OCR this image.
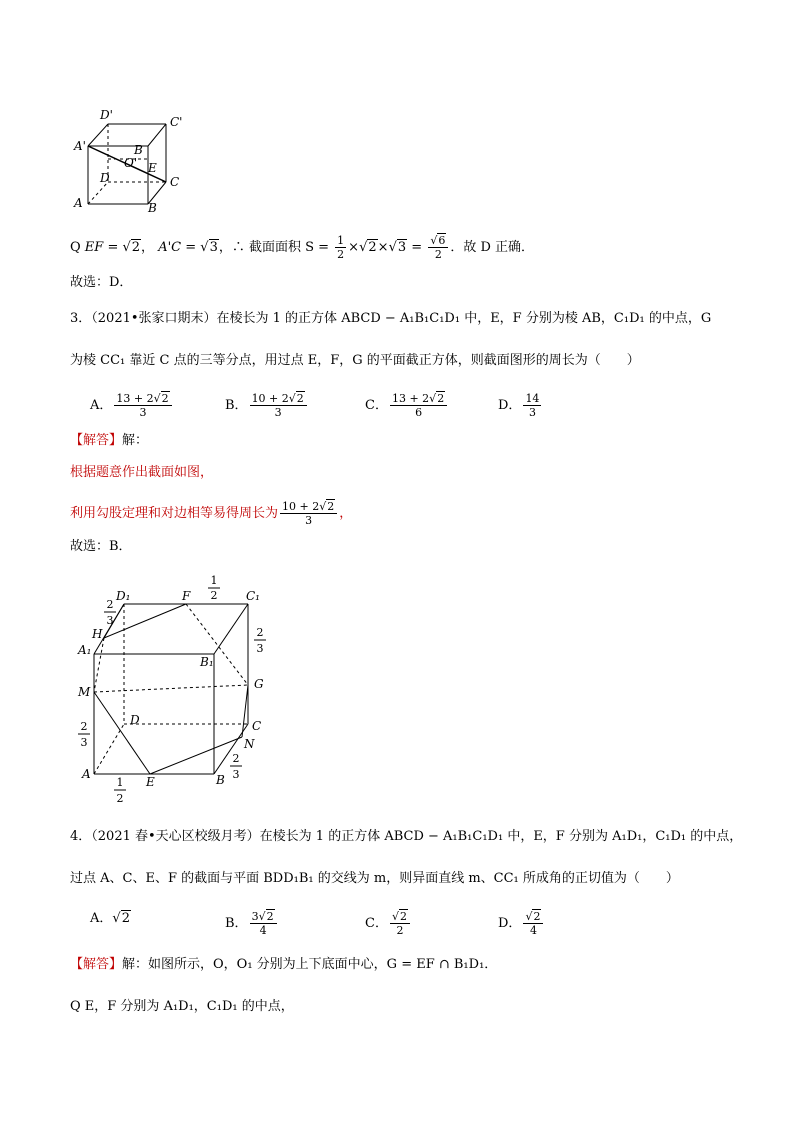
D'	C'
A'	B
O' E
C
D
A	B
Q EF = √2， A'C = √3，∴ 截面面积 $S = \frac{1}{2} \times√2\times√3 = \frac{√6}{2}$ ．故 D 正确．
故选：D．
3．（2021•张家口期末）在棱长为 1 的正方体 ABCD − A₁B₁C₁D₁ 中，E，F 分别为棱 AB，C₁D₁ 的中点，G
为棱 CC₁ 靠近 C 点的三等分点，用过点 E，F，G 的平面截正方体，则截面图形的周长为（　　）
A． $\frac{13 + 2√2}{3}$	B． $\frac{10 + 2√2}{3}$	C． $\frac{13 + 2√2}{6}$	D． $\frac{14}{3}$
【解答】解：
根据题意作出截面如图，
利用勾股定理和对边相等易得周长为 $\frac{10 + 2√2}{3}$ ，
故选：B．
D₁	F	C₁
H
A₁
B₁
M
G
D	C
N
A
E	B
1
2
2
3
2
3
2
3
1
2
2
3
4．（2021 春•天心区校级月考）在棱长为 1 的正方体 ABCD − A₁B₁C₁D₁ 中，E，F 分别为 A₁D₁，C₁D₁ 的中点，
过点 A、C、E、F 的截面与平面 BDD₁B₁ 的交线为 m，则异面直线 m、CC₁ 所成角的正切值为（　　）
A．√2	B． $\frac{3√2}{4}$	C． $\frac{√2}{2}$	D． $\frac{√2}{4}$
【解答】解：如图所示，O，O₁ 分别为上下底面中心，G = EF ∩ B₁D₁．
Q E，F 分别为 A₁D₁，C₁D₁ 的中点，
